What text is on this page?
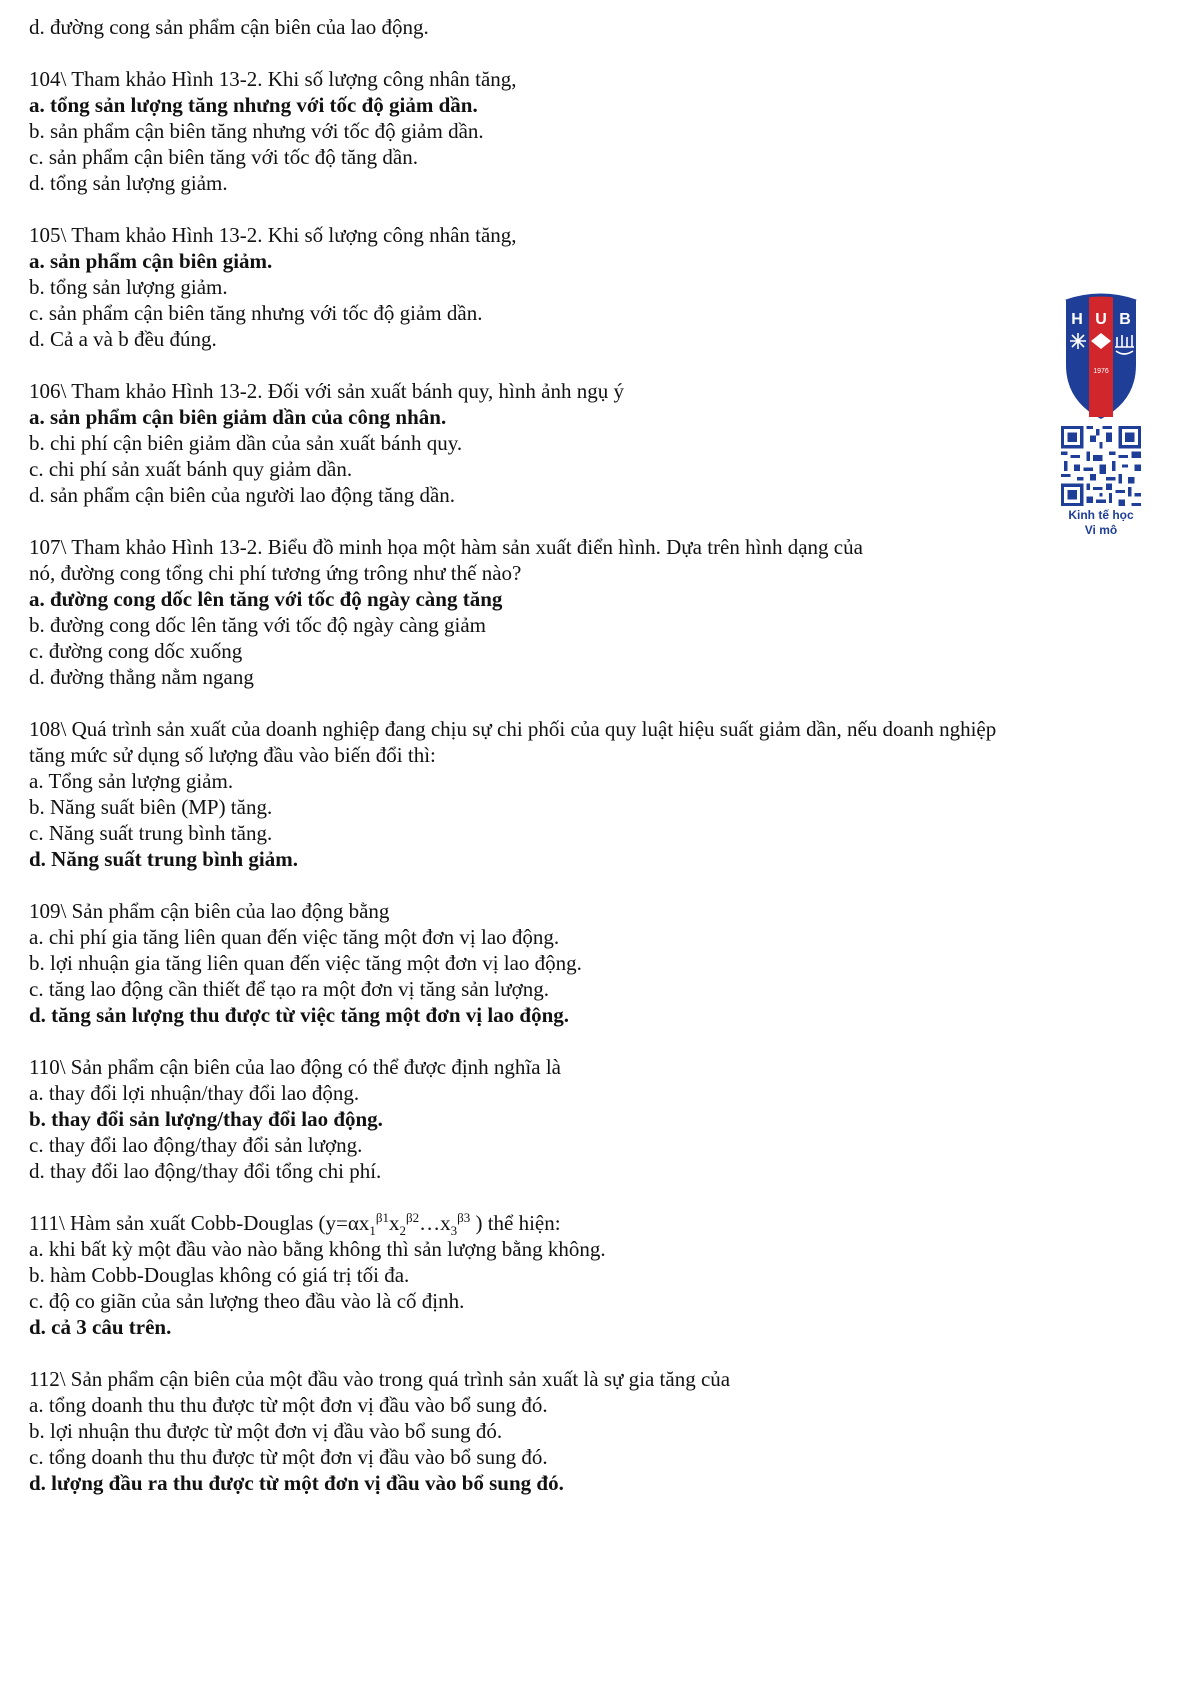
d. đường cong sản phẩm cận biên của lao động.
104\ Tham khảo Hình 13-2. Khi số lượng công nhân tăng,
a. tổng sản lượng tăng nhưng với tốc độ giảm dần.
b. sản phẩm cận biên tăng nhưng với tốc độ giảm dần.
c. sản phẩm cận biên tăng với tốc độ tăng dần.
d. tổng sản lượng giảm.
105\ Tham khảo Hình 13-2. Khi số lượng công nhân tăng,
a. sản phẩm cận biên giảm.
b. tổng sản lượng giảm.
c. sản phẩm cận biên tăng nhưng với tốc độ giảm dần.
d. Cả a và b đều đúng.
106\ Tham khảo Hình 13-2. Đối với sản xuất bánh quy, hình ảnh ngụ ý
a. sản phẩm cận biên giảm dần của công nhân.
b. chi phí cận biên giảm dần của sản xuất bánh quy.
c. chi phí sản xuất bánh quy giảm dần.
d. sản phẩm cận biên của người lao động tăng dần.
107\ Tham khảo Hình 13-2. Biểu đồ minh họa một hàm sản xuất điển hình. Dựa trên hình dạng của
nó, đường cong tổng chi phí tương ứng trông như thế nào?
a. đường cong dốc lên tăng với tốc độ ngày càng tăng
b. đường cong dốc lên tăng với tốc độ ngày càng giảm
c. đường cong dốc xuống
d. đường thẳng nằm ngang
108\ Quá trình sản xuất của doanh nghiệp đang chịu sự chi phối của quy luật hiệu suất giảm dần, nếu doanh nghiệp
tăng mức sử dụng số lượng đầu vào biến đổi thì:
a. Tổng sản lượng giảm.
b. Năng suất biên (MP) tăng.
c. Năng suất trung bình tăng.
d. Năng suất trung bình giảm.
109\ Sản phẩm cận biên của lao động bằng
a. chi phí gia tăng liên quan đến việc tăng một đơn vị lao động.
b. lợi nhuận gia tăng liên quan đến việc tăng một đơn vị lao động.
c. tăng lao động cần thiết để tạo ra một đơn vị tăng sản lượng.
d. tăng sản lượng thu được từ việc tăng một đơn vị lao động.
110\ Sản phẩm cận biên của lao động có thể được định nghĩa là
a. thay đổi lợi nhuận/thay đổi lao động.
b. thay đổi sản lượng/thay đổi lao động.
c. thay đổi lao động/thay đổi sản lượng.
d. thay đổi lao động/thay đổi tổng chi phí.
111\ Hàm sản xuất Cobb-Douglas ($y=\alpha x_1^{\beta 1}x_2^{\beta 2}\dots x_3^{\beta 3}$ ) thể hiện:
a. khi bất kỳ một đầu vào nào bằng không thì sản lượng bằng không.
b. hàm Cobb-Douglas không có giá trị tối đa.
c. độ co giãn của sản lượng theo đầu vào là cố định.
d. cả 3 câu trên.
112\ Sản phẩm cận biên của một đầu vào trong quá trình sản xuất là sự gia tăng của
a. tổng doanh thu thu được từ một đơn vị đầu vào bổ sung đó.
b. lợi nhuận thu được từ một đơn vị đầu vào bổ sung đó.
c. tổng doanh thu thu được từ một đơn vị đầu vào bổ sung đó.
d. lượng đầu ra thu được từ một đơn vị đầu vào bổ sung đó.
H U B
1976
Kinh tế học
Vi mô
